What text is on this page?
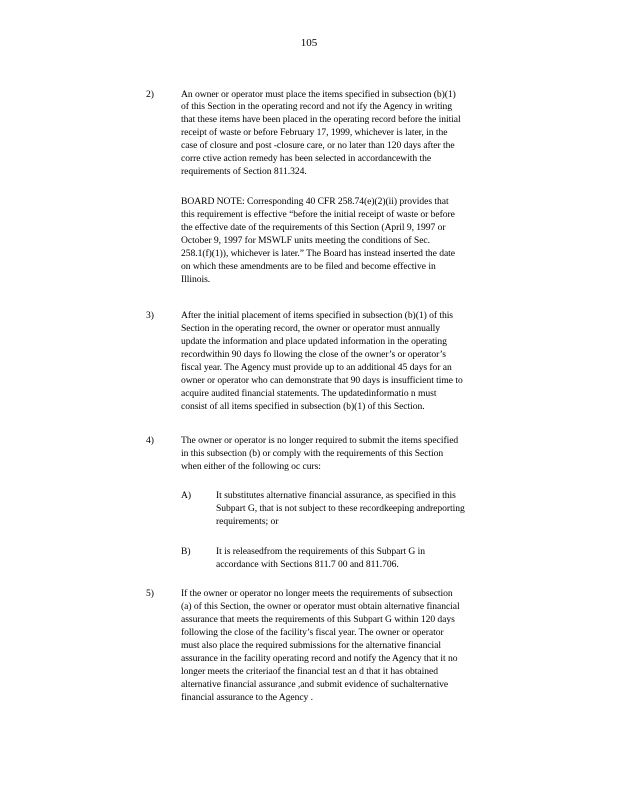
105
2)	An owner or operator must place the items specified in subsection (b)(1)
of this Section in the operating record and not ify the Agency in writing
that these items have been placed in the operating record before the initial
receipt of waste or before February 17, 1999, whichever is later, in the
case of closure and post -closure care, or no later than 120 days after the
corre ctive action remedy has been selected in accordancewith the
requirements of Section 811.324.
BOARD NOTE: Corresponding 40 CFR 258.74(e)(2)(ii) provides that
this requirement is effective “before the initial receipt of waste or before
the effective date of the requirements of this Section (April 9, 1997 or
October 9, 1997 for MSWLF units meeting the conditions of Sec.
258.1(f)(1)), whichever is later.” The Board has instead inserted the date
on which these amendments are to be filed and become effective in
Illinois.
3)	After the initial placement of items specified in subsection (b)(1) of this
Section in the operating record, the owner or operator must annually
update the information and place updated information in the operating
recordwithin 90 days fo llowing the close of the owner’s or operator’s
fiscal year. The Agency must provide up to an additional 45 days for an
owner or operator who can demonstrate that 90 days is insufficient time to
acquire audited financial statements. The updatedinformatio n must
consist of all items specified in subsection (b)(1) of this Section.
4)	The owner or operator is no longer required to submit the items specified
in this subsection (b) or comply with the requirements of this Section
when either of the following oc curs:
A)	It substitutes alternative financial assurance, as specified in this
Subpart G, that is not subject to these recordkeeping andreporting
requirements; or
B)	It is releasedfrom the requirements of this Subpart G in
accordance with Sections 811.7 00 and 811.706.
5)	If the owner or operator no longer meets the requirements of subsection
(a) of this Section, the owner or operator must obtain alternative financial
assurance that meets the requirements of this Subpart G within 120 days
following the close of the facility’s fiscal year. The owner or operator
must also place the required submissions for the alternative financial
assurance in the facility operating record and notify the Agency that it no
longer meets the criteriaof the financial test an d that it has obtained
alternative financial assurance ,and submit evidence of suchalternative
financial assurance to the Agency .
